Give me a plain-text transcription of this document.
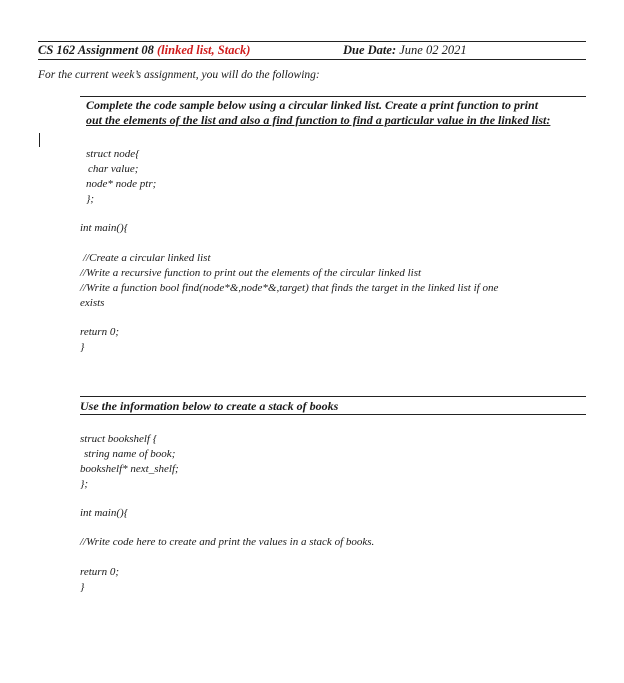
CS 162 Assignment 08 (linked list, Stack)	Due Date: June 02 2021
For the current week’s assignment, you will do the following:
Complete the code sample below using a circular linked list. Create a print function to print
out the elements of the list and also a find function to find a particular value in the linked list:
struct node{
char value;
node* node ptr;
};
int main(){
//Create a circular linked list
//Write a recursive function to print out the elements of the circular linked list
//Write a function bool find(node*&,node*&,target) that finds the target in the linked list if one
exists
return 0;
}
Use the information below to create a stack of books
struct bookshelf {
string name of book;
bookshelf* next_shelf;
};
int main(){
//Write code here to create and print the values in a stack of books.
return 0;
}
